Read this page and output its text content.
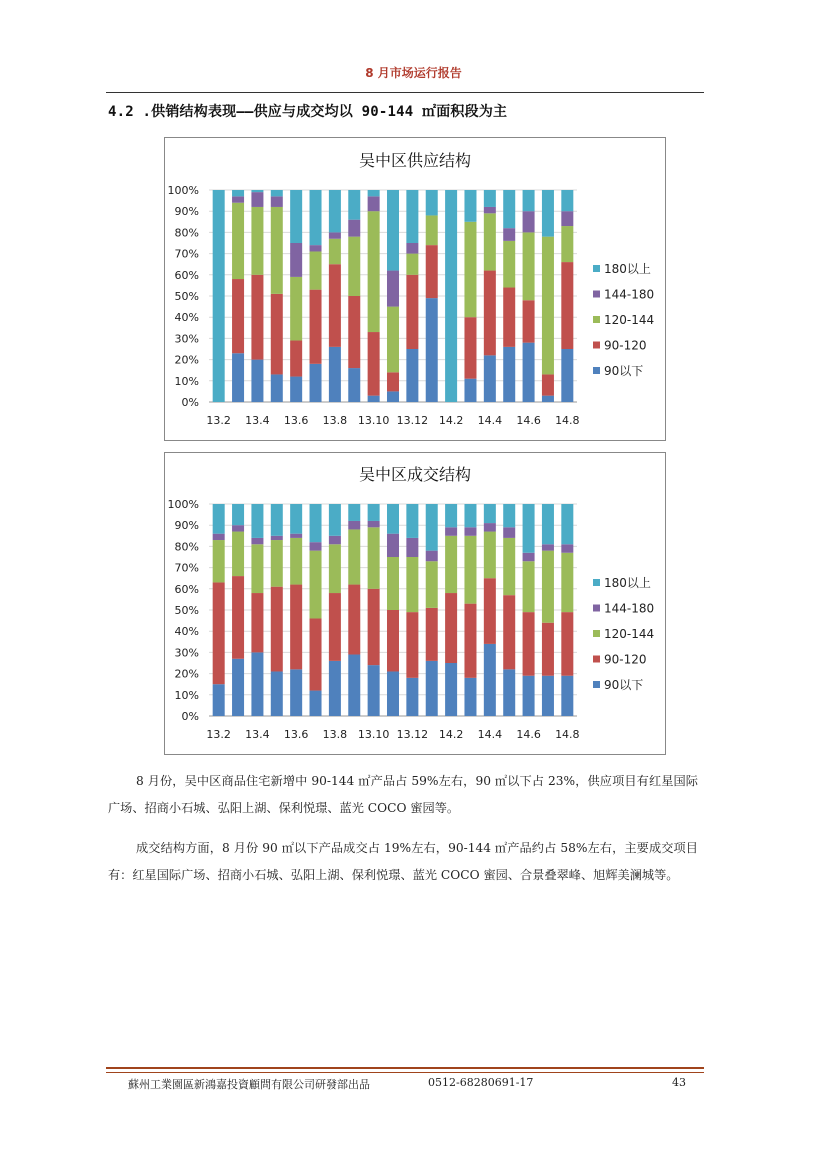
8 月市场运行报告
4.2 .供销结构表现——供应与成交均以 90-144 ㎡面积段为主
吴中区供应结构
0%
10%
20%
30%
40%
50%
60%
70%
80%
90%
100%
13.2 13.4 13.6 13.8 13.10 13.12 14.2 14.4 14.6 14.8
180以上
144-180
120-144
90-120
90以下
吴中区成交结构
0%
10%
20%
30%
40%
50%
60%
70%
80%
90%
100%
13.2 13.4 13.6 13.8 13.10 13.12 14.2 14.4 14.6 14.8
180以上
144-180
120-144
90-120
90以下
8 月份，吴中区商品住宅新增中 90-144 ㎡产品占 59%左右，90 ㎡以下占 23%，供应项目有红星国际广场、招商小石城、弘阳上湖、保利悦璟、蓝光 COCO 蜜园等。
成交结构方面，8 月份 90 ㎡以下产品成交占 19%左右，90-144 ㎡产品约占 58%左右，主要成交项目有：红星国际广场、招商小石城、弘阳上湖、保利悦璟、蓝光 COCO 蜜园、合景叠翠峰、旭辉美澜城等。
蘇州工業園區新鴻嘉投資顧問有限公司研發部出品	0512-68280691-17	43
